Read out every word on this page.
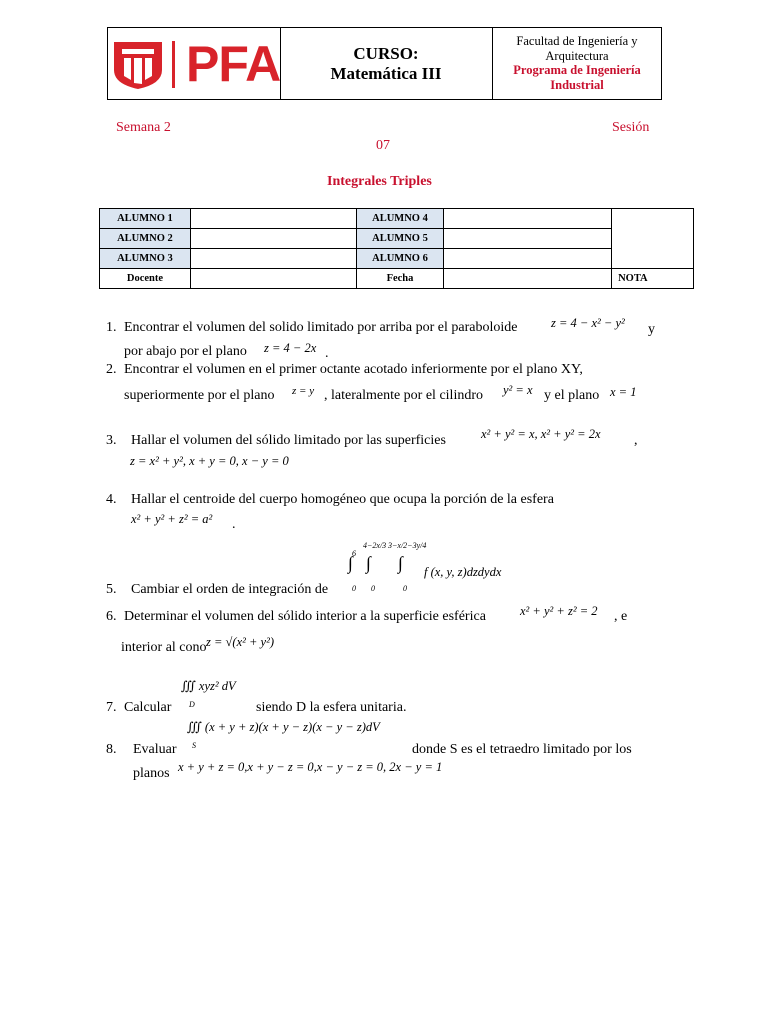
PFA	CURSO:
Matemática III
Facultad de Ingeniería y Arquitectura
Programa de Ingeniería Industrial
Semana 2	Sesión
07
Integrales Triples
ALUMNO 1		ALUMNO 4		
ALUMNO 2		ALUMNO 5		
ALUMNO 3		ALUMNO 6		
Docente		Fecha		NOTA
1. Encontrar el volumen del solido limitado por arriba por el paraboloide	z = 4 − x² − y² y
por abajo por el plano z = 4 − 2x .
2. Encontrar el volumen en el primer octante acotado inferiormente por el plano XY,
superiormente por el plano z = y , lateralmente por el cilindro y² = x y el plano x = 1
3. Hallar el volumen del sólido limitado por las superficies	x² + y² = x, x² + y² = 2x ,
z = x² + y², x + y = 0, x − y = 0
4. Hallar el centroide del cuerpo homogéneo que ocupa la porción de la esfera
x² + y² + z² = a² .
5. Cambiar el orden de integración de
6
∫
0
4−2x/3
∫
0
3−x/2−3y/4
∫
0
f (x, y, z)dzdydx
6. Determinar el volumen del sólido interior a la superficie esférica	x² + y² + z² = 2 , e
interior al cono z = √(x² + y²)
7. Calcular
∭ xyz² dV
D	siendo D la esfera unitaria.
8. Evaluar
∭ (x + y + z)(x + y − z)(x − y − z)dV
S	donde S es el tetraedro limitado por los
planos x + y + z = 0,x + y − z = 0,x − y − z = 0, 2x − y = 1
